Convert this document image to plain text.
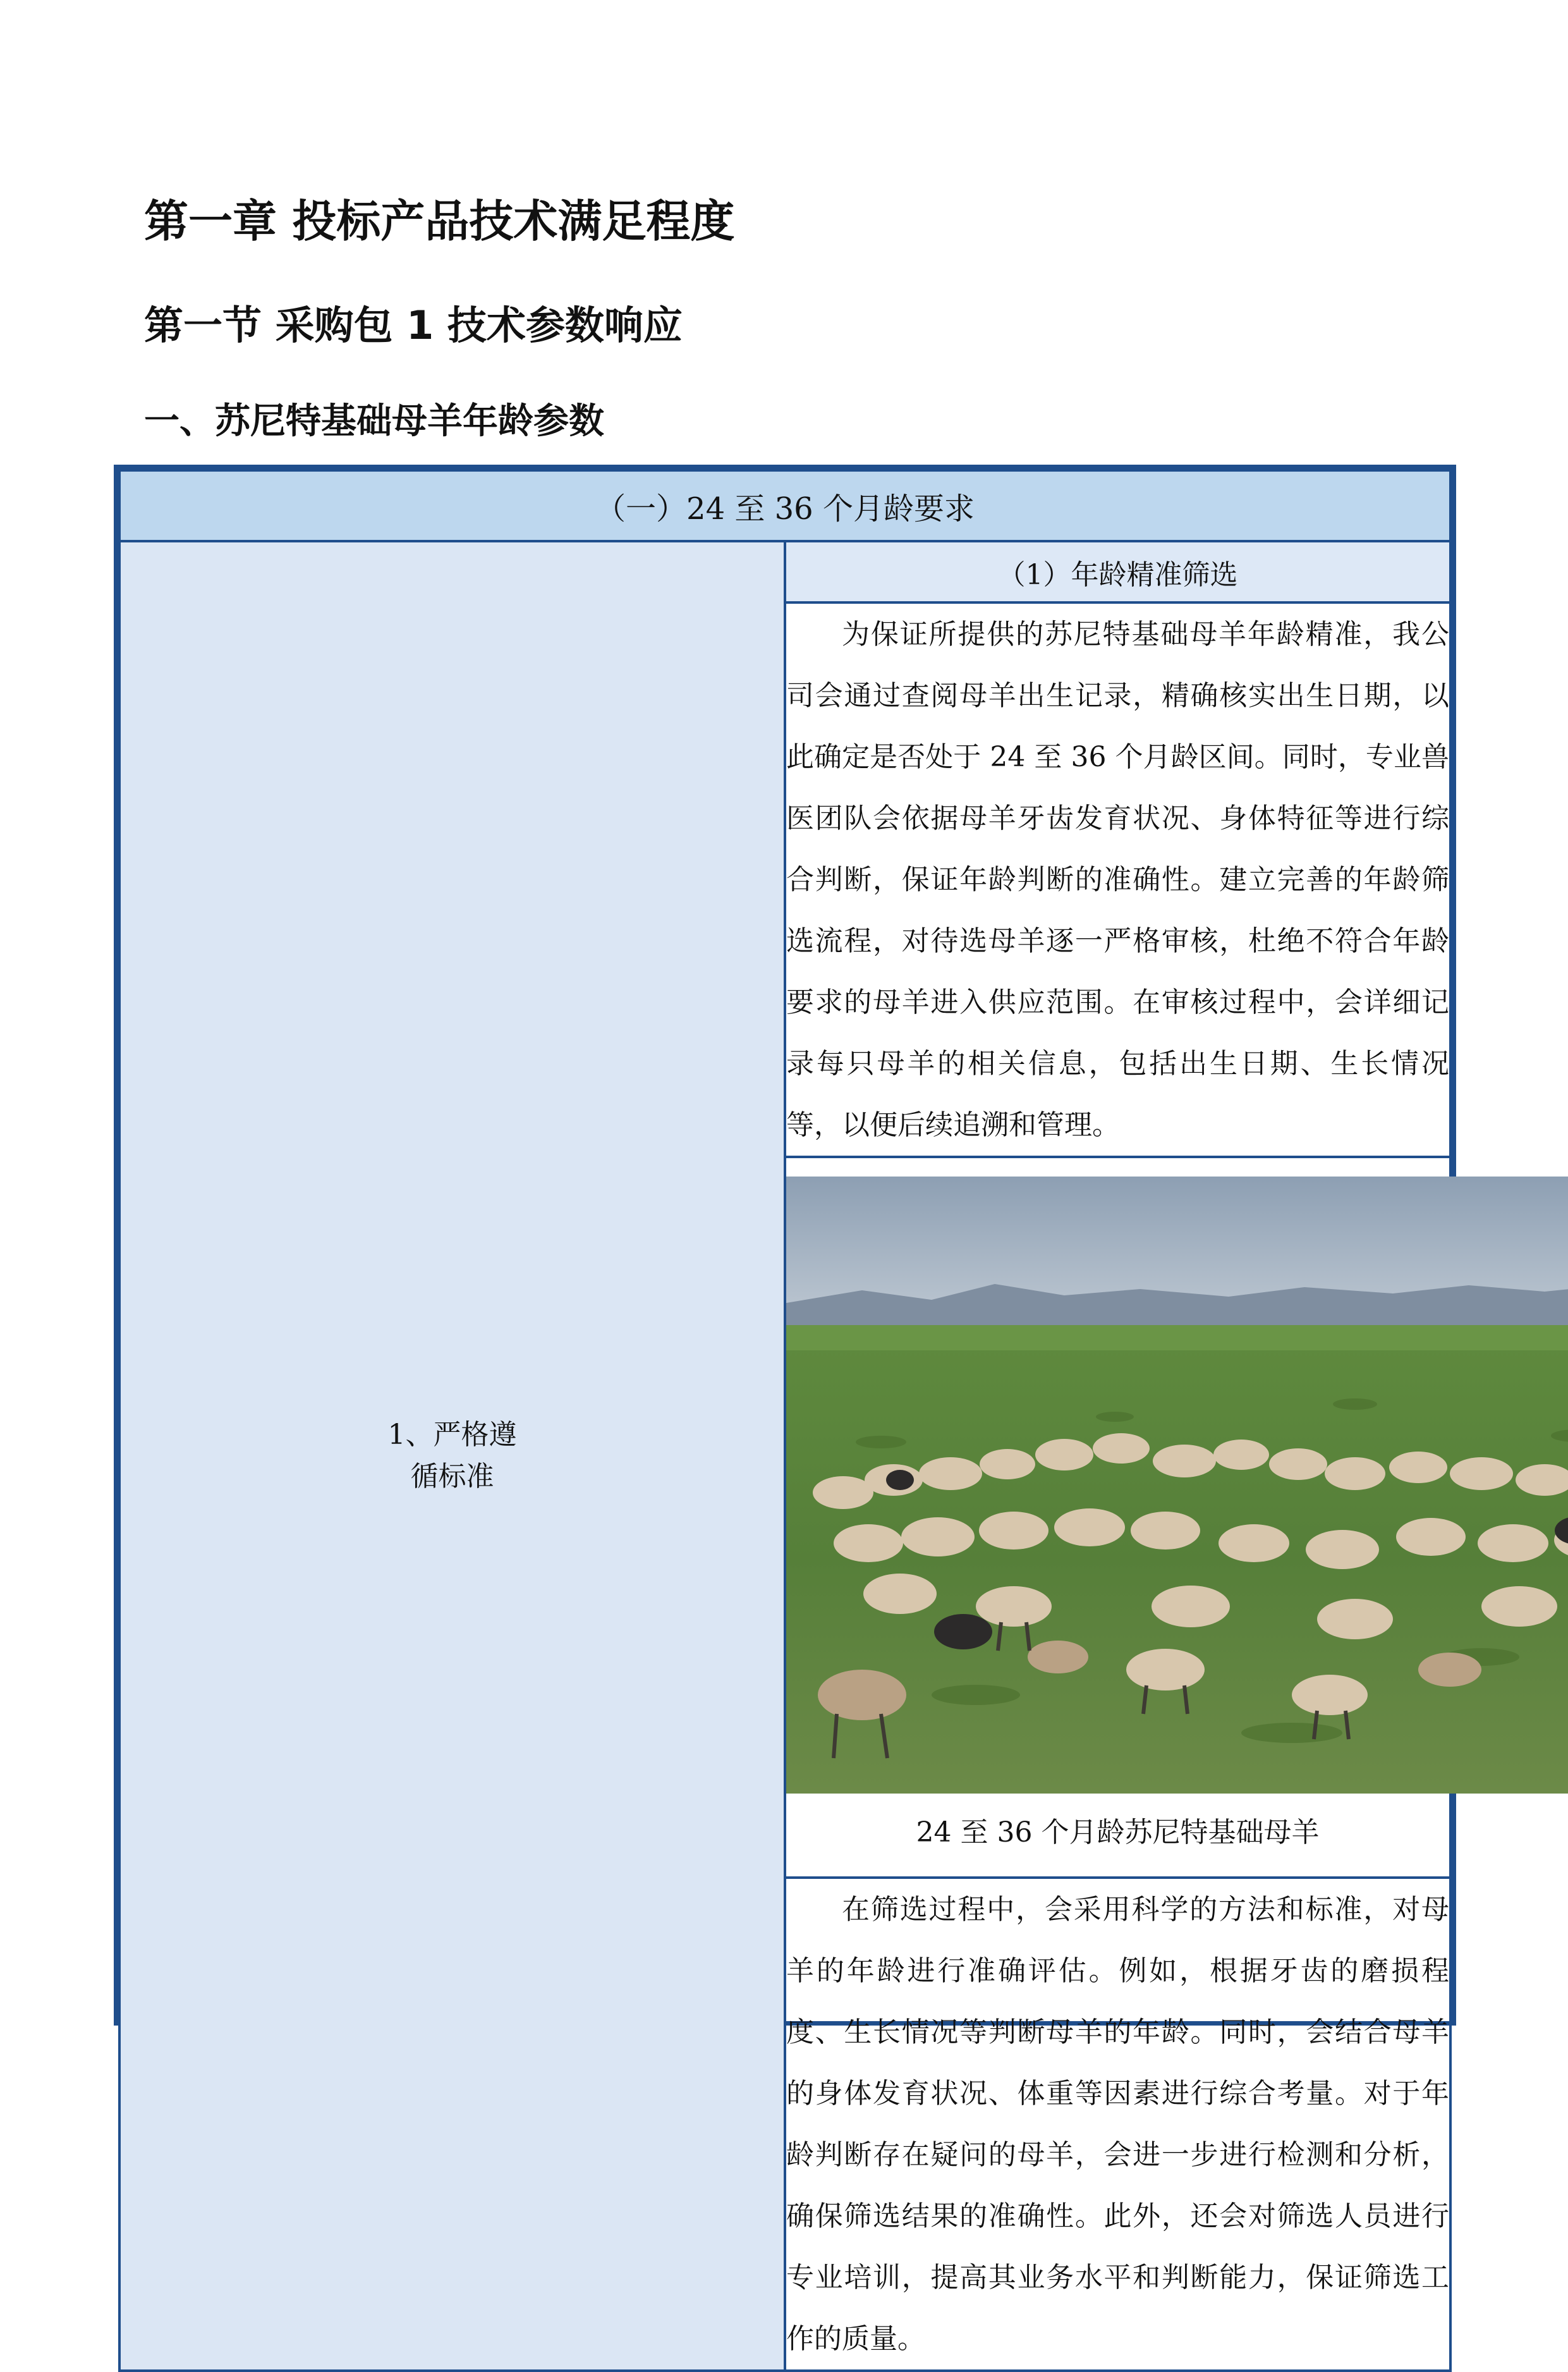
第一章 投标产品技术满足程度
第一节 采购包 1 技术参数响应
一、苏尼特基础母羊年龄参数
（一）24 至 36 个月龄要求
1、严格遵循标准	（1）年龄精准筛选

为保证所提供的苏尼特基础母羊年龄精准，我公司会通过查阅母羊出生记录，精确核实出生日期，以此确定是否处于 24 至 36 个月龄区间。同时，专业兽医团队会依据母羊牙齿发育状况、身体特征等进行综合判断，保证年龄判断的准确性。建立完善的年龄筛选流程，对待选母羊逐一严格审核，杜绝不符合年龄要求的母羊进入供应范围。在审核过程中，会详细记录每只母羊的相关信息，包括出生日期、生长情况等，以便后续追溯和管理。

24 至 36 个月龄苏尼特基础母羊

在筛选过程中，会采用科学的方法和标准，对母羊的年龄进行准确评估。例如，根据牙齿的磨损程度、生长情况等判断母羊的年龄。同时，会结合母羊的身体发育状况、体重等因素进行综合考量。对于年龄判断存在疑问的母羊，会进一步进行检测和分析，确保筛选结果的准确性。此外，还会对筛选人员进行专业培训，提高其业务水平和判断能力，保证筛选工作的质量。
